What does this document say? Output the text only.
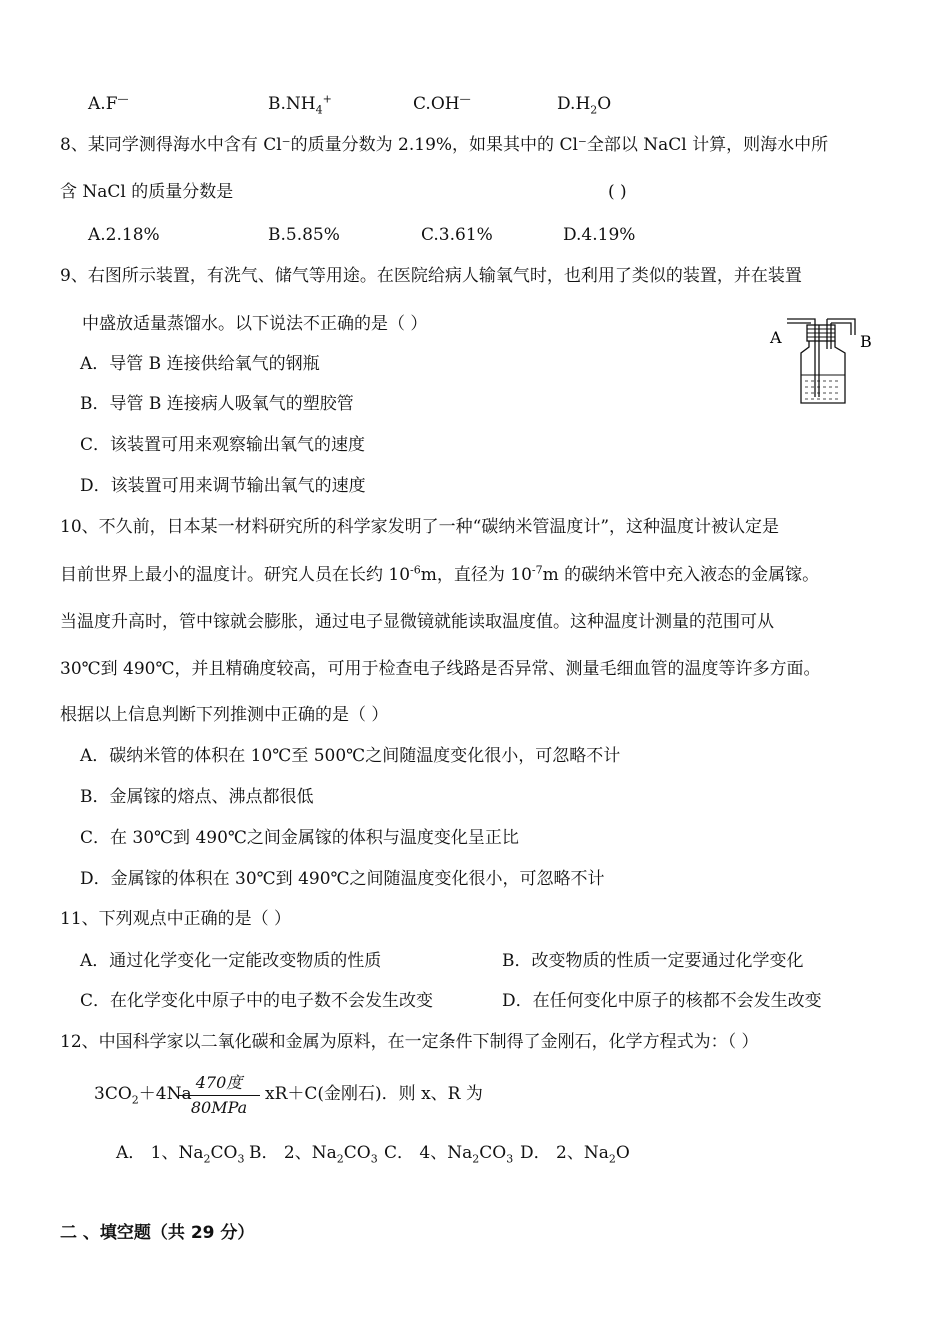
A.F—	$B.NH_4^+$	C.OH—	$D.H_2O$
8、某同学测得海水中含有 Cl⁻的质量分数为 2.19%，如果其中的 Cl⁻全部以 NaCl 计算，则海水中所
含 NaCl 的质量分数是	( )
A.2.18%	B.5.85%	C.3.61%	D.4.19%
9、右图所示装置，有洗气、储气等用途。在医院给病人输氧气时，也利用了类似的装置，并在装置
中盛放适量蒸馏水。以下说法不正确的是（ ）
A．导管 B 连接供给氧气的钢瓶
B．导管 B 连接病人吸氧气的塑胶管
C．该装置可用来观察输出氧气的速度
D．该装置可用来调节输出氧气的速度
A	B
10、不久前，日本某一材料研究所的科学家发明了一种“碳纳米管温度计”，这种温度计被认定是
目前世界上最小的温度计。研究人员在长约 $10^{-6}m$，直径为 $10^{-7}m$ 的碳纳米管中充入液态的金属镓。
当温度升高时，管中镓就会膨胀，通过电子显微镜就能读取温度值。这种温度计测量的范围可从
30℃到 490℃，并且精确度较高，可用于检查电子线路是否异常、测量毛细血管的温度等许多方面。
根据以上信息判断下列推测中正确的是（ ）
A．碳纳米管的体积在 10℃至 500℃之间随温度变化很小，可忽略不计
B．金属镓的熔点、沸点都很低
C．在 30℃到 490℃之间金属镓的体积与温度变化呈正比
D．金属镓的体积在 30℃到 490℃之间随温度变化很小，可忽略不计
11、下列观点中正确的是（ ）
A．通过化学变化一定能改变物质的性质	B．改变物质的性质一定要通过化学变化
C．在化学变化中原子中的电子数不会发生改变	D．在任何变化中原子的核都不会发生改变
12、中国科学家以二氧化碳和金属为原料，在一定条件下制得了金刚石，化学方程式为：（ ）
$3CO_2+4Na$
470度
80MPa
xR＋C(金刚石)．则 x、R 为
A． 1、$Na_2CO_3$ B． 2、$Na_2CO_3$ C． 4、$Na_2CO_3$ D． 2、$Na_2O$
二 、填空题（共 29 分）
